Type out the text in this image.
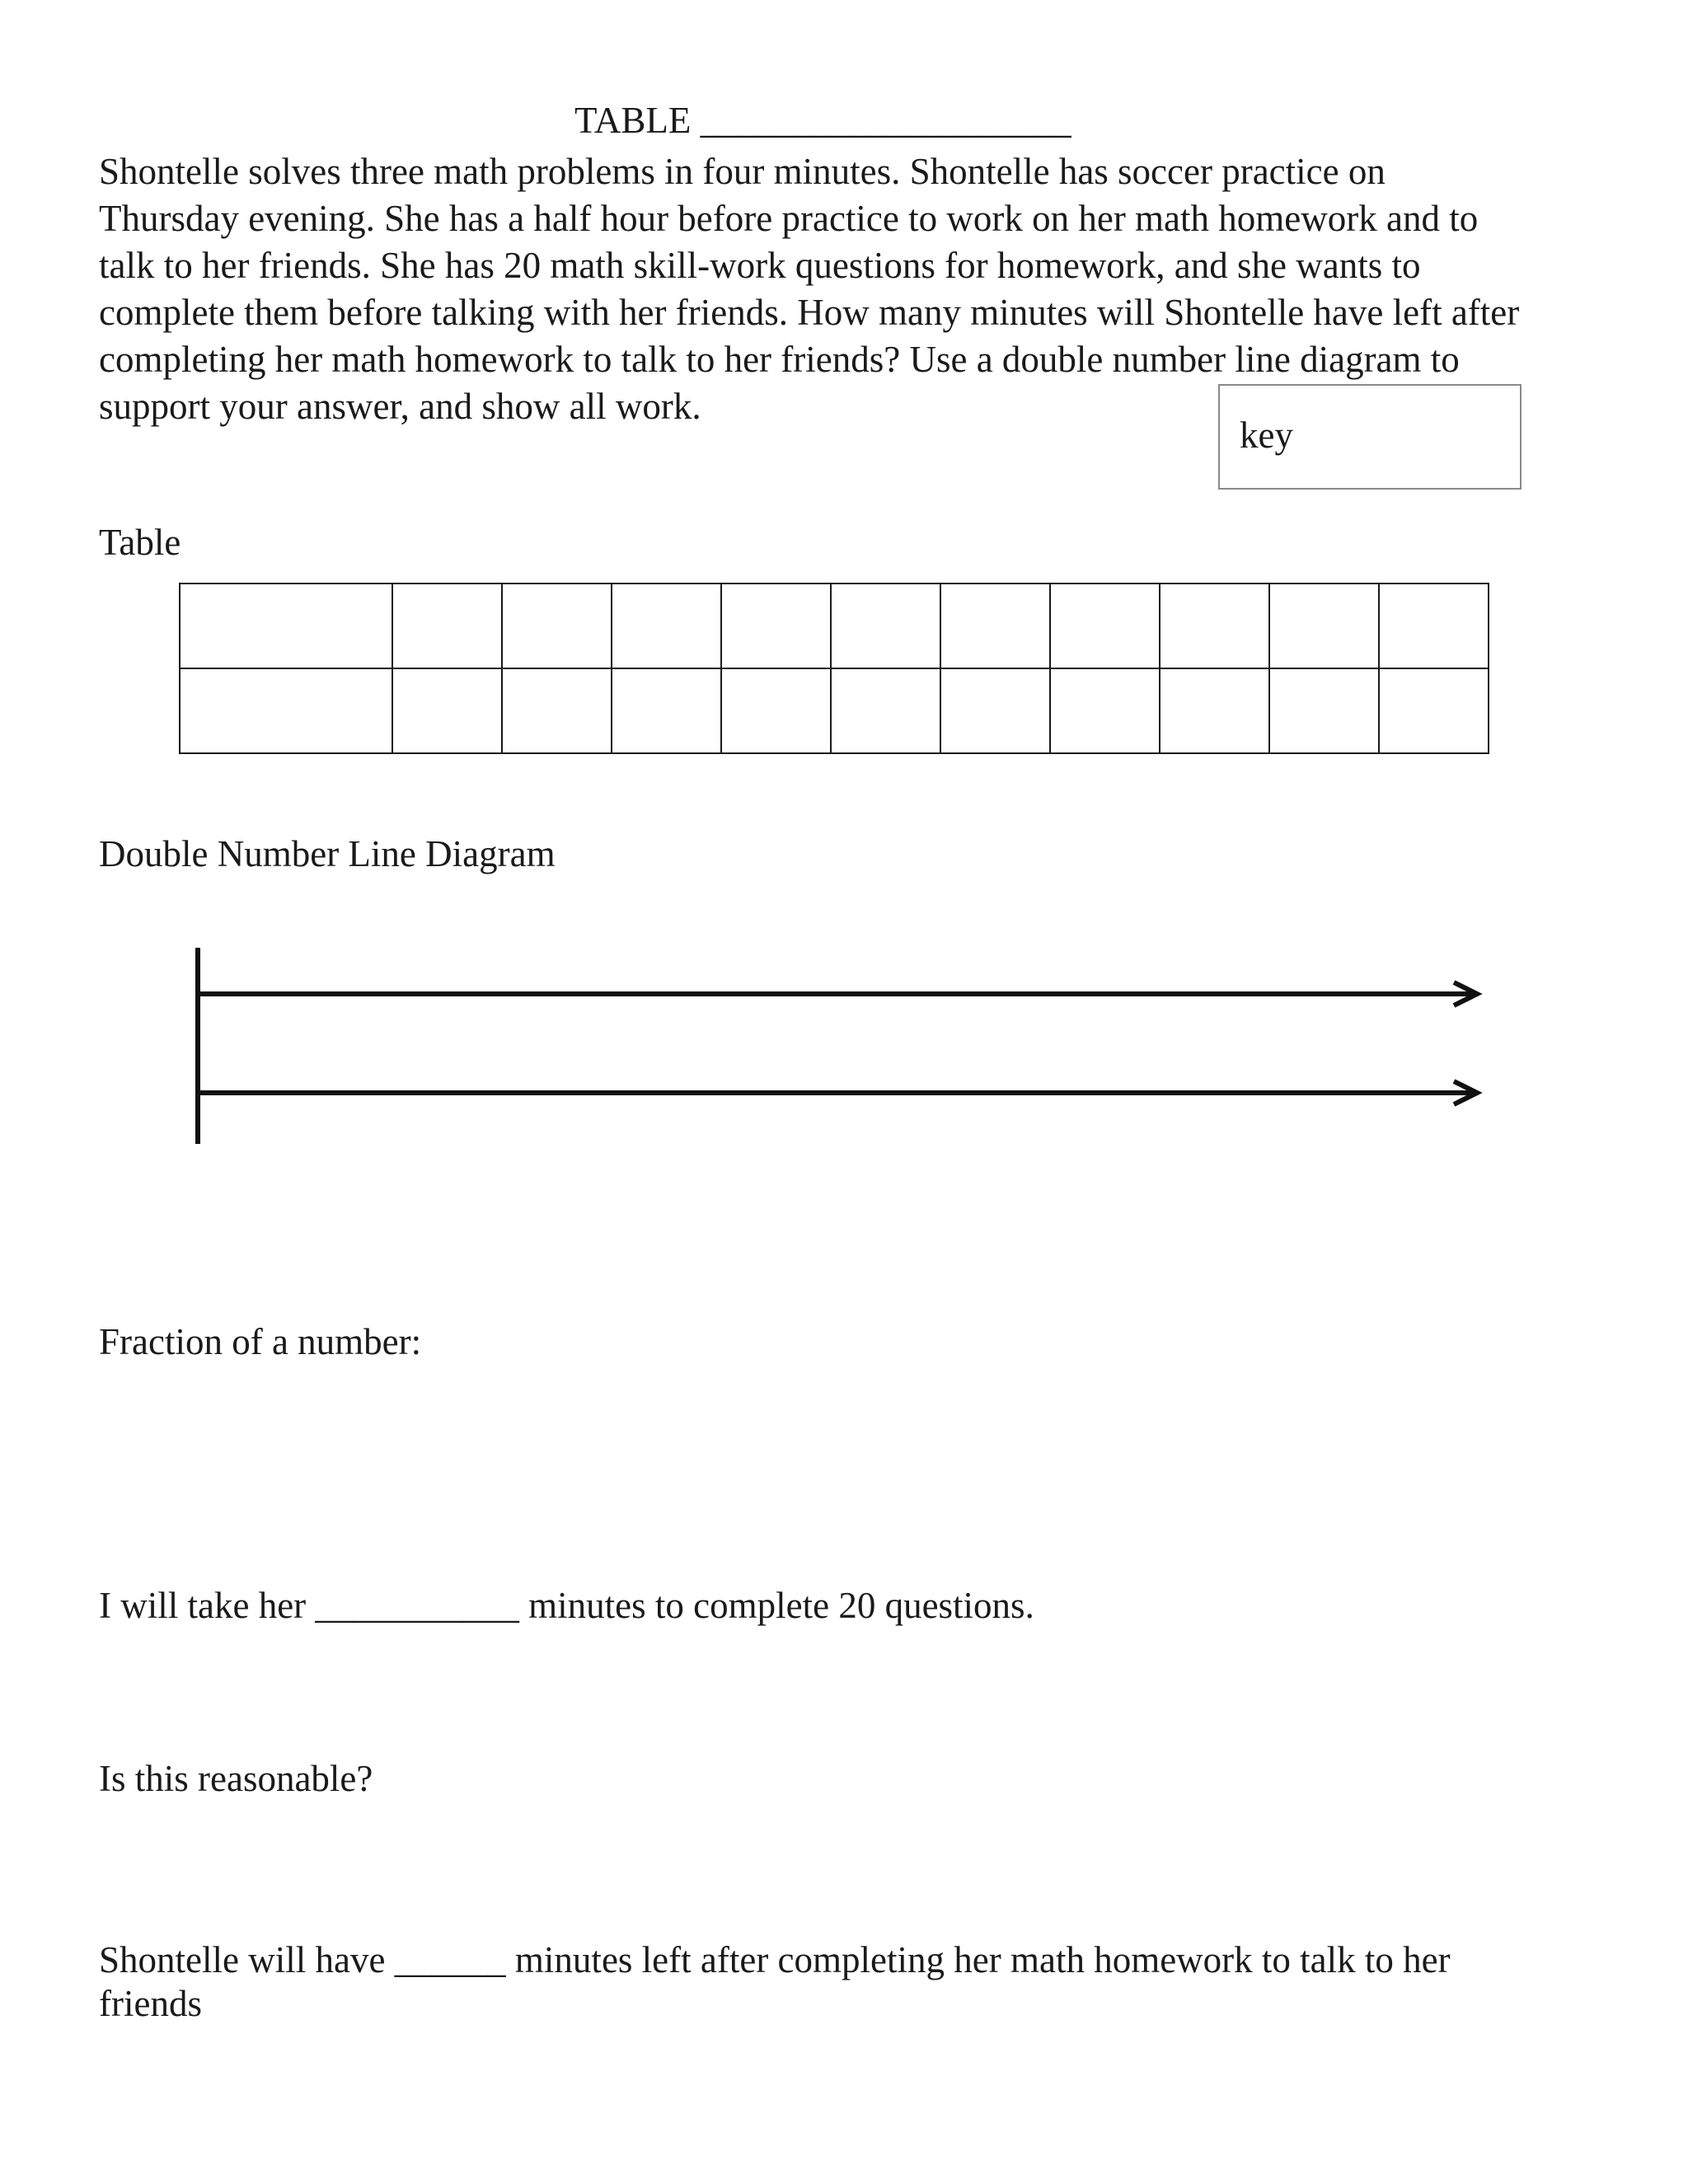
TABLE ____________________
Shontelle solves three math problems in four minutes. Shontelle has soccer practice on
Thursday evening. She has a half hour before practice to work on her math homework and to
talk to her friends. She has 20 math skill-work questions for homework, and she wants to
complete them before talking with her friends. How many minutes will Shontelle have left after
completing her math homework to talk to her friends? Use a double number line diagram to
support your answer, and show all work.
key
Table

Double Number Line Diagram
Fraction of a number:
I will take her ___________ minutes to complete 20 questions.
Is this reasonable?
Shontelle will have ______ minutes left after completing her math homework to talk to her
friends
